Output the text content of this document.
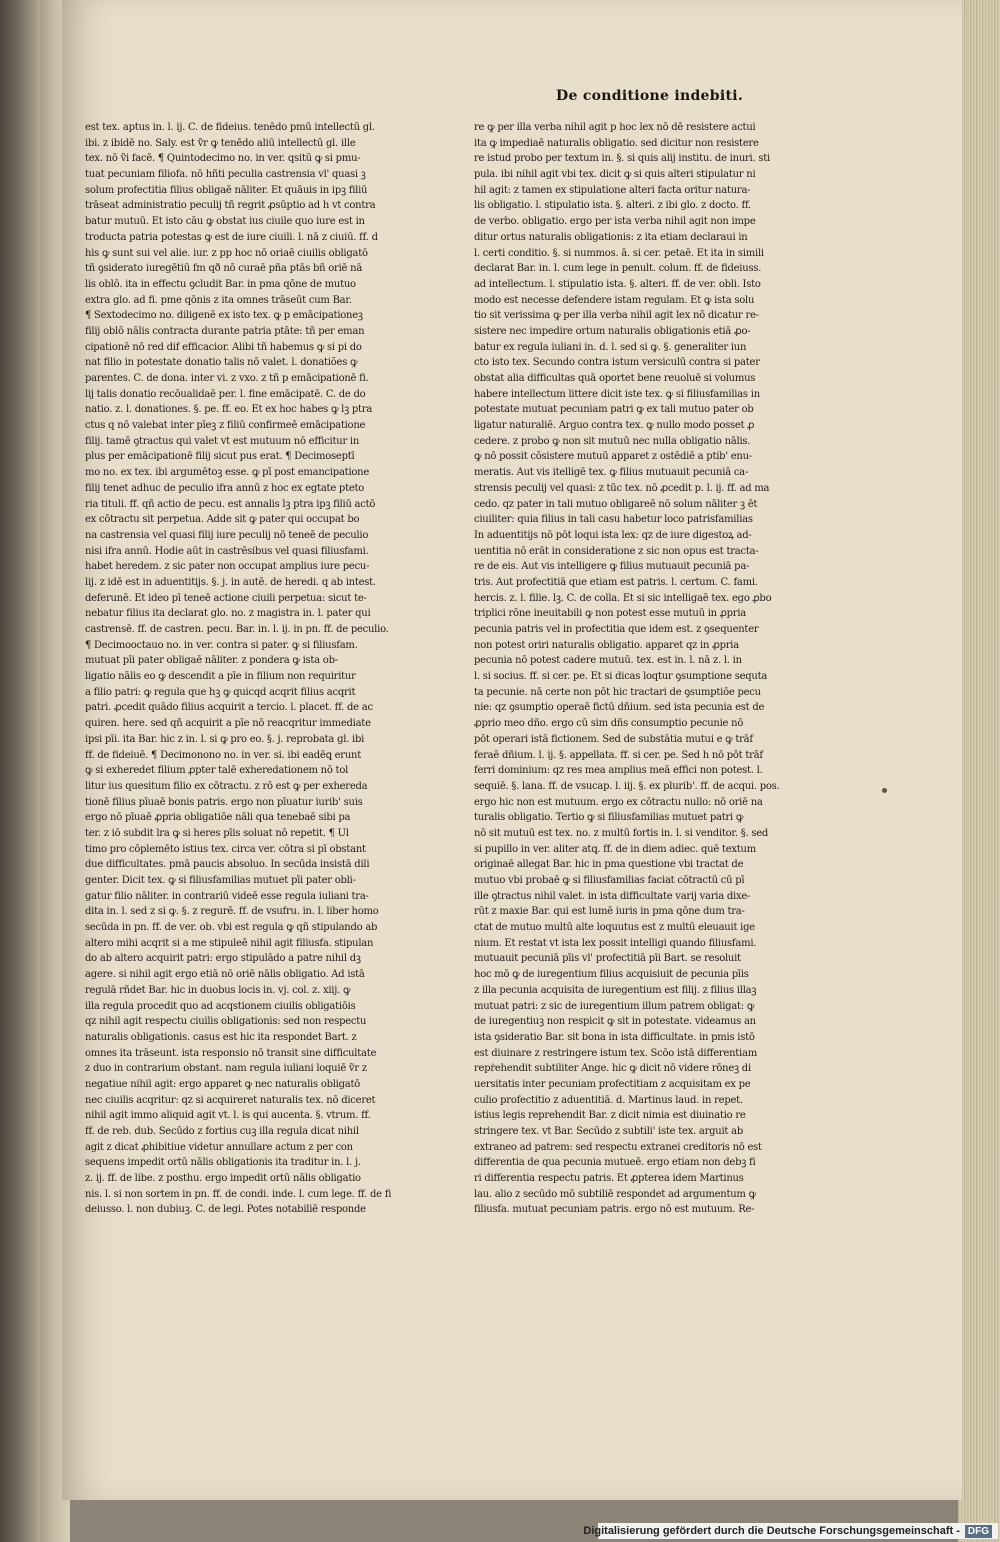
De conditione indebiti.
est tex. aptus in. l. ij. C. de fideius. tenēdo pmū intellectū gl.
ibi. z ibidē no. Saly. est ṽr ꝙ tenēdo aliū intellectū gl. ille
tex. nō ṽi facē. ¶ Quintodecimo no. in ver. qsitū ꝙ si pmu-
tuat pecuniam filiofa. nō hñti peculia castrensia vl' quasi ꝫ
solum profectitia filius obligaē nāliter. Et quāuis in ipꝫ filiū
trāseat administratio peculij tñ regrit ꝓsūptio ad h vt contra
batur mutuū. Et isto cāu ꝙ obstat ius ciuile quo iure est in
troducta patria potestas ꝙ est de iure ciuili. l. nā z ciuiū. ff. d
his ꝙ sunt sui vel alie. iur. z pp hoc nō oriaē ciuilis obligatō
tñ ꝯsiderato iuregētiū fm qð nō curaē pña ptās bñ oriē nā
lis oblō. ita in effectu ꝯcludit Bar. in pma qōne de mutuo
extra glo. ad fi. pme qōnis z ita omnes trāseūt cum Bar.
¶ Sextodecimo no. diligenē ex isto tex. ꝙ p emācipationeꝫ
filij oblō nālis contracta durante patria ptāte: tñ per eman
cipationē nō red dif efficacior. Alibi tñ habemus ꝙ si pi do
nat filio in potestate donatio talis nō valet. l. donatiões ꝙ
parentes. C. de dona. inter vi. z vxo. z tñ p emācipationē fi.
lij talis donatio recōualidaē per. l. fine emācipatē. C. de do
natio. z. l. donationes. §. pe. ff. eo. Et ex hoc habes ꝙ lꝫ ptra
ctus q nō valebat inter pīeꝫ z filiū confirmeē emācipatione
filij. tamē ꝯtractus qui valet vt est mutuum nō efficitur in
plus per emācipationē filij sicut pus erat. ¶ Decimoseptī
mo no. ex tex. ibi argumētoꝫ esse. ꝙ pī post emancipatione
filij tenet adhuc de peculio ifra annū z hoc ex egtate pteto
ria tituli. ff. qñ actio de pecu. est annalis lꝫ ptra ipꝫ filiū actō
ex cōtractu sit perpetua. Adde sit ꝙ pater qui occupat bo
na castrensia vel quasi filij iure peculij nō teneē de peculio
nisi ifra annū. Hodie aūt in castrēsibus vel quasi filiusfami.
habet heredem. z sic pater non occupat amplius iure pecu-
lij. z idē est in aduentitijs. §. j. in autē. de heredi. q ab intest.
deferunē. Et ideo pī teneē actione ciuili perpetua: sicut te-
nebatur filius ita declarat glo. no. z magistra in. l. pater qui
castrensē. ff. de castren. pecu. Bar. in. l. ij. in pn. ff. de peculio.
¶ Decimooctauo no. in ver. contra si pater. ꝙ si filiusfam.
mutuat pīi pater obligaē nāliter. z pondera ꝙ ista ob-
ligatio nālis eo ꝙ descendit a pīe in filium non requiritur
a filio patri: ꝙ regula que hꝫ ꝙ quicqd acqrit filius acqrit
patri. ꝓcedit quādo filius acquirit a tercio. l. placet. ff. de ac
quiren. here. sed qñ acquirit a pīe nō reacqritur immediate
ipsi pīi. ita Bar. hic z in. l. si ꝙ pro eo. §. j. reprobata gl. ibi
ff. de fideiuē. ¶ Decimonono no. in ver. si. ibi eadēꝗ erunt
ꝙ si exheredet filium ꝓpter talē exheredationem nō tol
litur ius quesitum filio ex cōtractu. z rō est ꝙ per exhereda
tionē filius pīuaē bonis patris. ergo non pīuatur iurib' suis
ergo nō pīuaē ꝓpria obligatiōe nāli qua tenebaē sibi pa
ter. z iō subdit lra ꝙ si heres pīis soluat nō repetit. ¶ Ul
timo pro cōplemēto istius tex. circa ver. cōtra si pī obstant
due difficultates. pmā paucis absoluo. In secūda insistā dili
genter. Dicit tex. ꝙ si filiusfamilias mutuet pīi pater obli-
gatur filio nāliter. in contrariū videē esse regula iuliani tra-
dita in. l. sed z si ꝙ. §. z regurē. ff. de vsufru. in. l. liber homo
secūda in pn. ff. de ver. ob. vbi est regula ꝙ qñ stipulando ab
altero mihi acqrit si a me stipuleē nihil agit filiusfa. stipulan
do ab altero acquirit patri: ergo stipulādo a patre nihil dꝫ
agere. si nihil agit ergo etiā nō oriē nālis obligatio. Ad istā
regulā rñdet Bar. hic in duobus locis in. vj. col. z. xiij. ꝙ
illa regula procedit quo ad acqstionem ciuilis obligatiōis
qz nihil agit respectu ciuilis obligationis: sed non respectu
naturalis obligationis. casus est hic ita respondet Bart. z
omnes ita trāseunt. ista responsio nō transit sine difficultate
z duo in contrarium obstant. nam regula iuliani loquiē ṽr z
negatiue nihil agit: ergo apparet ꝙ nec naturalis obligatō
nec ciuilis acqritur: qz si acquireret naturalis tex. nō diceret
nihil agit immo aliquid agit vt. l. is qui aucenta. §. vtrum. ff.
ff. de reb. dub. Secūdo z fortius cuꝫ illa regula dicat nihil
agit z dicat ꝓhibitiue videtur annullare actum z per con
sequens impedit ortū nālis obligationis ita traditur in. l. j.
z. ij. ff. de libe. z posthu. ergo impedit ortū nālis obligatio
nis. l. si non sortem in pn. ff. de condi. inde. l. cum lege. ff. de fi
deiusso. l. non dubiuꝫ. C. de legi. Potes notabiliē responde
re ꝙ per illa verba nihil agit p hoc lex nō dē resistere actui
ita ꝙ impediaē naturalis obligatio. sed dicitur non resistere
re istud probo per textum in. §. si quis alij institu. de inuri. sti
pula. ibi nihil agit vbi tex. dicit ꝙ si quis alteri stipulatur ni
hil agit: z tamen ex stipulatione alteri facta oritur natura-
lis obligatio. l. stipulatio ista. §. alteri. z ibi glo. z docto. ff.
de verbo. obligatio. ergo per ista verba nihil agit non impe
ditur ortus naturalis obligationis: z ita etiam declaraui in
l. certi conditio. §. si nummos. ā. si cer. petaē. Et ita in simili
declarat Bar. in. l. cum lege in penult. colum. ff. de fideiuss.
ad intellectum. l. stipulatio ista. §. alteri. ff. de ver. obli. Isto
modo est necesse defendere istam regulam. Et ꝙ ista solu
tio sit verissima ꝙ per illa verba nihil agit lex nō dicatur re-
sistere nec impedire ortum naturalis obligationis etiā ꝓo-
batur ex regula iuliani in. d. l. sed si ꝙ. §. generaliter iun
cto isto tex. Secundo contra istum versiculū contra si pater
obstat alia difficultas quā oportet bene reuoluē si volumus
habere intellectum littere dicit iste tex. ꝙ si filiusfamilias in
potestate mutuat pecuniam patri ꝙ ex tali mutuo pater ob
ligatur naturaliē. Arguo contra tex. ꝙ nullo modo posset ꝓ
cedere. z probo ꝙ non sit mutuū nec nulla obligatio nālis.
ꝙ nō possit cōsistere mutuū apparet z ostēdiē a ptib' enu-
meratis. Aut vis itelligē tex. ꝙ filius mutuauit pecuniā ca-
strensis peculij vel quasi: z tūc tex. nō ꝓcedit p. l. ij. ff. ad ma
cedo. qz pater in tali mutuo obligareē nō solum nāliter ꝫ ēt
ciuiliter: quia filius in tali casu habetur loco patrisfamilias
In aduentitijs nō pōt loqui ista lex: qz de iure digestoꝝ ad-
uentitia nō erāt in consideratione z sic non opus est tracta-
re de eis. Aut vis intelligere ꝙ filius mutuauit pecuniā pa-
tris. Aut profectitiā que etiam est patris. l. certum. C. fami.
hercis. z. l. filie. lꝫ. C. de colla. Et si sic intelligaē tex. ego ꝓbo
triplici rōne ineuitabili ꝙ non potest esse mutuū in ꝓpria
pecunia patris vel in profectitia que idem est. z ꝯsequenter
non potest oriri naturalis obligatio. apparet qz in ꝓpria
pecunia nō potest cadere mutuū. tex. est in. l. nā z. l. in
l. si socius. ff. si cer. pe. Et si dicas loqtur ꝯsumptione sequta
ta pecunie. nā certe non pōt hic tractari de ꝯsumptiōe pecu
nie: qz ꝯsumptio operaē fictū dñium. sed ista pecunia est de
ꝓprio meo dño. ergo cū sim dñs consumptio pecunie nō
pōt operari istā fictionem. Sed de substātia mutui e ꝙ trāf
feraē dñium. l. ij. §. appellata. ff. si cer. pe. Sed h nō pōt trāf
ferri dominium: qz res mea amplius meā effici non potest. l.
sequiē. §. lana. ff. de vsucap. l. iij. §. ex plurib'. ff. de acqui. pos.
ergo hic non est mutuum. ergo ex cōtractu nullo: nō oriē na
turalis obligatio. Tertio ꝙ si filiusfamilias mutuet patri ꝙ
nō sit mutuū est tex. no. z multū fortis in. l. si venditor. §. sed
si pupillo in ver. aliter atꝗ. ff. de in diem adiec. quē textum
originaē allegat Bar. hic in pma questione vbi tractat de
mutuo vbi probaē ꝙ si filiusfamilias faciat cōtractū cū pī
ille ꝯtractus nihil valet. in ista difficultate varij varia dixe-
rūt z maxie Bar. qui est lumē iuris in pma qōne dum tra-
ctat de mutuo multū alte loquutus est z multū eleuauit ige
nium. Et restat vt ista lex possit intelligi quando filiusfami.
mutuauit pecuniā pīis vl' profectitiā pīi Bart. se resoluit
hoc mō ꝙ de iuregentium filius acquisiuit de pecunia pīis
z illa pecunia acquisita de iuregentium est filij. z filius illaꝫ
mutuat patri: z sic de iuregentium illum patrem obligat: ꝙ
de iuregentiuꝫ non respicit ꝙ sit in potestate. videamus an
ista ꝯsideratio Bar. sit bona in ista difficultate. in pmis istō
est diuinare z restringere istum tex. Scōo istā differentiam
repṙehendit subtiliter Ange. hic ꝙ dicit nō videre rōneꝫ di
uersitatis inter pecuniam profectitiam z acquisitam ex pe
culio profectitio z aduentitiā. d. Martinus laud. in repet.
istius legis reprehendit Bar. z dicit nimia est diuinatio re
stringere tex. vt Bar. Secūdo z subtili' iste tex. arguit ab
extraneo ad patrem: sed respectu extranei creditoris nō est
differentia de qua pecunia mutueē. ergo etiam non debꝫ fi
ri differentia respectu patris. Et ꝓpterea idem Martinus
lau. alio z secūdo mō subtiliē respondet ad argumentum ꝙ
filiusfa. mutuat pecuniam patris. ergo nō est mutuum. Re-
Digitalisierung gefördert durch die Deutsche Forschungsgemeinschaft - DFG
